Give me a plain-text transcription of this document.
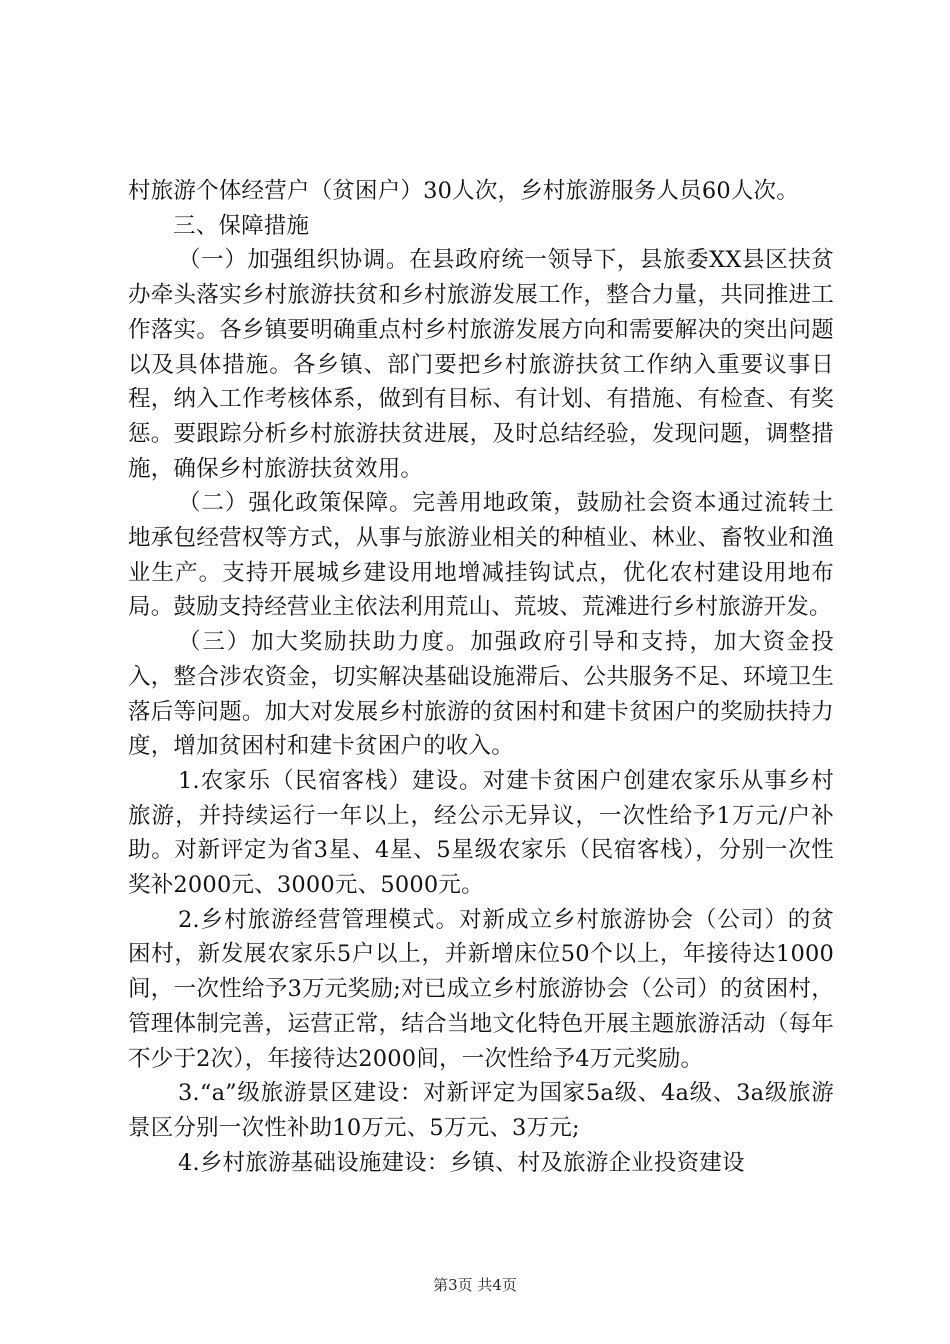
村旅游个体经营户（贫困户）30人次，乡村旅游服务人员60人次。

三、保障措施

（一）加强组织协调。在县政府统一领导下，县旅委XX县区扶贫办牵头落实乡村旅游扶贫和乡村旅游发展工作，整合力量，共同推进工作落实。各乡镇要明确重点村乡村旅游发展方向和需要解决的突出问题以及具体措施。各乡镇、部门要把乡村旅游扶贫工作纳入重要议事日程，纳入工作考核体系，做到有目标、有计划、有措施、有检查、有奖惩。要跟踪分析乡村旅游扶贫进展，及时总结经验，发现问题，调整措施，确保乡村旅游扶贫效用。

（二）强化政策保障。完善用地政策，鼓励社会资本通过流转土地承包经营权等方式，从事与旅游业相关的种植业、林业、畜牧业和渔业生产。支持开展城乡建设用地增减挂钩试点，优化农村建设用地布局。鼓励支持经营业主依法利用荒山、荒坡、荒滩进行乡村旅游开发。

（三）加大奖励扶助力度。加强政府引导和支持，加大资金投入，整合涉农资金，切实解决基础设施滞后、公共服务不足、环境卫生落后等问题。加大对发展乡村旅游的贫困村和建卡贫困户的奖励扶持力度，增加贫困村和建卡贫困户的收入。

1.农家乐（民宿客栈）建设。对建卡贫困户创建农家乐从事乡村旅游，并持续运行一年以上，经公示无异议，一次性给予1万元/户补助。对新评定为省3星、4星、5星级农家乐（民宿客栈），分别一次性奖补2000元、3000元、5000元。

2.乡村旅游经营管理模式。对新成立乡村旅游协会（公司）的贫困村，新发展农家乐5户以上，并新增床位50个以上，年接待达1000间，一次性给予3万元奖励;对已成立乡村旅游协会（公司）的贫困村，管理体制完善，运营正常，结合当地文化特色开展主题旅游活动（每年不少于2次），年接待达2000间，一次性给予4万元奖励。

3.“a”级旅游景区建设：对新评定为国家5a级、4a级、3a级旅游景区分别一次性补助10万元、5万元、3万元;

4.乡村旅游基础设施建设：乡镇、村及旅游企业投资建设

第3页 共4页
